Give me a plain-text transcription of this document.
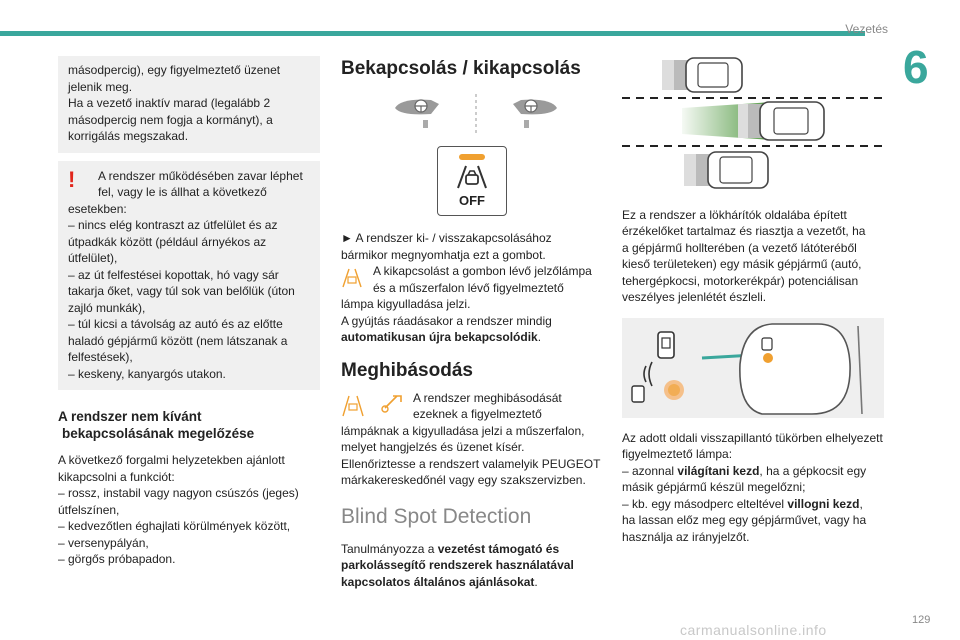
Vezetés
6

másodpercig), egy figyelmeztető üzenet

jelenik meg.

Ha a vezető inaktív marad (legalább 2

másodpercig nem fogja a kormányt), a

korrigálás megszakad.

!	A rendszer működésében zavar léphet

fel, vagy le is állhat a következő

esetekben:

– nincs elég kontraszt az útfelület és az

útpadkák között (például árnyékos az

útfelület),

– az út felfestései kopottak, hó vagy sár

takarja őket, vagy túl sok van belőlük (úton

zajló munkák),

– túl kicsi a távolság az autó és az előtte

haladó gépjármű között (nem látszanak a

felfestések),

– keskeny, kanyargós utakon.

A rendszer nem kívánt

bekapcsolásának megelőzése

A következő forgalmi helyzetekben ajánlott

kikapcsolni a funkciót:

– rossz, instabil vagy nagyon csúszós (jeges)

útfelszínen,

– kedvezőtlen éghajlati körülmények között,

– versenypályán,

– görgős próbapadon.

Bekapcsolás / kikapcsolás

OFF

► A rendszer ki- / visszakapcsolásához

bármikor megnyomhatja ezt a gombot.

A kikapcsolást a gombon lévő jelzőlámpa

és a műszerfalon lévő figyelmeztető

lámpa kigyulladása jelzi.

A gyújtás ráadásakor a rendszer mindig

automatikusan újra bekapcsolódik.

Meghibásodás

A rendszer meghibásodását

ezeknek a figyelmeztető

lámpáknak a kigyulladása jelzi a műszerfalon,

melyet hangjelzés és üzenet kísér.

Ellenőriztesse a rendszert valamelyik PEUGEOT

márkakereskedőnél vagy egy szakszervizben.

Blind Spot Detection

Tanulmányozza a vezetést támogató és

parkolássegítő rendszerek használatával

kapcsolatos általános ajánlásokat.

Ez a rendszer a lökhárítók oldalába épített

érzékelőket tartalmaz és riasztja a vezetőt, ha

a gépjármű hollterében (a vezető látóteréből

kieső területeken) egy másik gépjármű (autó,

tehergépkocsi, motorkerékpár) potenciálisan

veszélyes jelenlétét észleli.

Az adott oldali visszapillantó tükörben elhelyezett

figyelmeztető lámpa:

– azonnal világítani kezd, ha a gépkocsit egy

másik gépjármű készül megelőzni;

– kb. egy másodperc elteltével villogni kezd,

ha lassan előz meg egy gépjárművet, vagy ha

használja az irányjelzőt.

carmanualsonline.info
129
